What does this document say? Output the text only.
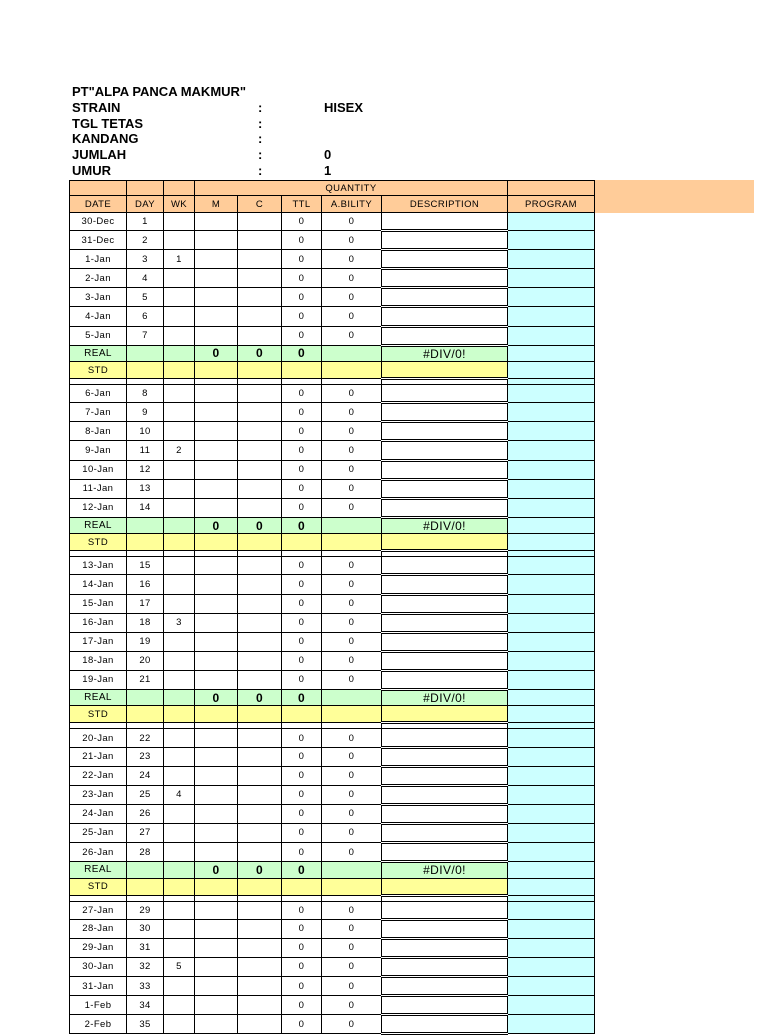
PT"ALPA PANCA MAKMUR"
STRAIN	:	HISEX
TGL TETAS	:
KANDANG	:
JUMLAH	:	0
UMUR	:	1
			QUANTITY					
DATE	DAY	WK	M	C	TTL	A.BILITY	DESCRIPTION	PROGRAM
30-Dec	1				0	0		
31-Dec	2				0	0		
1-Jan	3	1			0	0		
2-Jan	4				0	0		
3-Jan	5				0	0		
4-Jan	6				0	0		
5-Jan	7				0	0		
REAL			0	0	0		#DIV/0!	
STD								

6-Jan	8				0	0		
7-Jan	9				0	0		
8-Jan	10				0	0		
9-Jan	11	2			0	0		
10-Jan	12				0	0		
11-Jan	13				0	0		
12-Jan	14				0	0		
REAL			0	0	0		#DIV/0!	
STD								

13-Jan	15				0	0		
14-Jan	16				0	0		
15-Jan	17				0	0		
16-Jan	18	3			0	0		
17-Jan	19				0	0		
18-Jan	20				0	0		
19-Jan	21				0	0		
REAL			0	0	0		#DIV/0!	
STD								

20-Jan	22				0	0		
21-Jan	23				0	0		
22-Jan	24				0	0		
23-Jan	25	4			0	0		
24-Jan	26				0	0		
25-Jan	27				0	0		
26-Jan	28				0	0		
REAL			0	0	0		#DIV/0!	
STD								

27-Jan	29				0	0		
28-Jan	30				0	0		
29-Jan	31				0	0		
30-Jan	32	5			0	0		
31-Jan	33				0	0		
1-Feb	34				0	0		
2-Feb	35				0	0		
